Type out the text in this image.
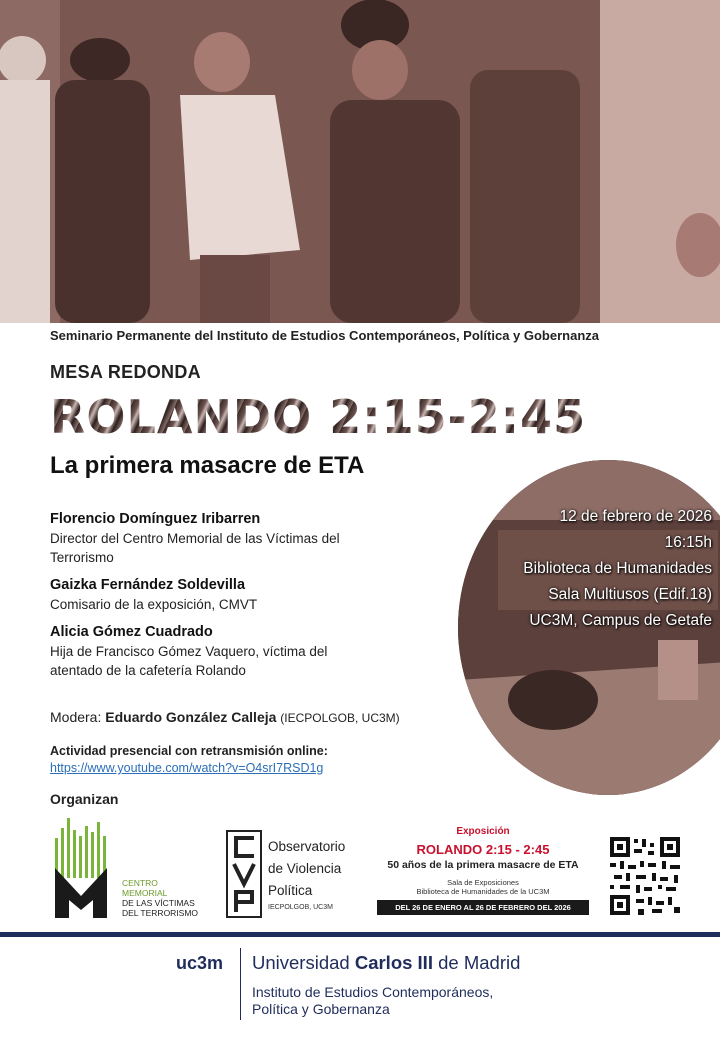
Seminario Permanente del Instituto de Estudios Contemporáneos, Política y Gobernanza
MESA REDONDA
ROLANDO 2:15-2:45
La primera masacre de ETA
Florencio Domínguez Iribarren
Director del Centro Memorial de las Víctimas del Terrorismo
Gaizka Fernández Soldevilla
Comisario de la exposición, CMVT
Alicia Gómez Cuadrado
Hija de Francisco Gómez Vaquero, víctima del atentado de la cafetería Rolando
Modera: Eduardo González Calleja (IECPOLGOB, UC3M)
Actividad presencial con retransmisión online:
https://www.youtube.com/watch?v=O4srI7RSD1g
Organizan
12 de febrero de 2026
16:15h
Biblioteca de Humanidades
Sala Multiusos (Edif.18)
UC3M, Campus de Getafe
CENTRO
MEMORIAL
DE LAS VÍCTIMAS
DEL TERRORISMO
Observatorio
de Violencia
Política
IECPOLGOB, UC3M
Exposición
ROLANDO 2:15 - 2:45
50 años de la primera masacre de ETA
Sala de Exposiciones
Biblioteca de Humanidades de la UC3M
DEL 26 DE ENERO AL 26 DE FEBRERO DEL 2026
uc3m Universidad Carlos III de Madrid
Instituto de Estudios Contemporáneos,
Política y Gobernanza
